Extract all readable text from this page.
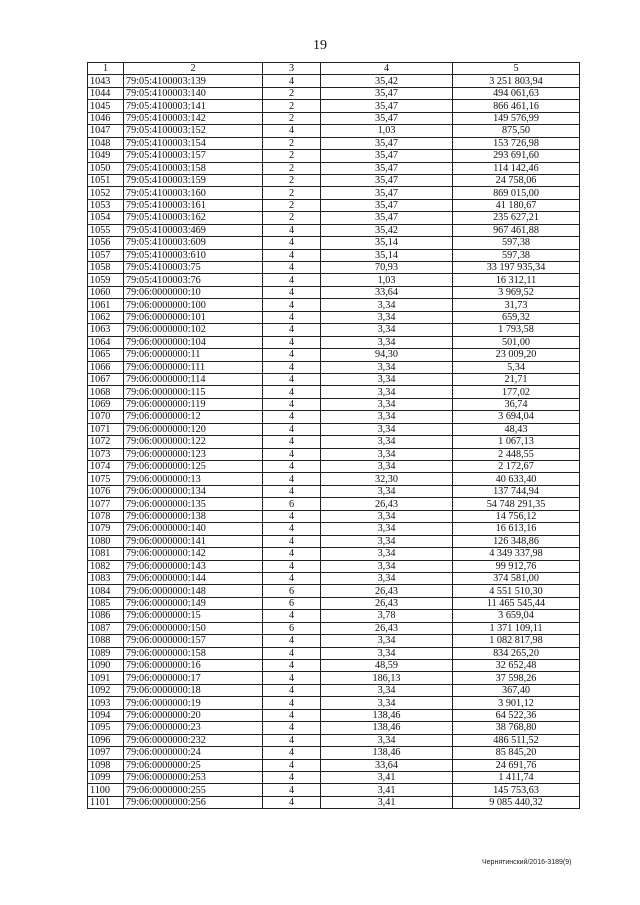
19
1	2	3	4	5
1043	79:05:4100003:139	4	35,42	3 251 803,94
1044	79:05:4100003:140	2	35,47	494 061,63
1045	79:05:4100003:141	2	35,47	866 461,16
1046	79:05:4100003:142	2	35,47	149 576,99
1047	79:05:4100003:152	4	1,03	875,50
1048	79:05:4100003:154	2	35,47	153 726,98
1049	79:05:4100003:157	2	35,47	293 691,60
1050	79:05:4100003:158	2	35,47	114 142,46
1051	79:05:4100003:159	2	35,47	24 758,06
1052	79:05:4100003:160	2	35,47	869 015,00
1053	79:05:4100003:161	2	35,47	41 180,67
1054	79:05:4100003:162	2	35,47	235 627,21
1055	79:05:4100003:469	4	35,42	967 461,88
1056	79:05:4100003:609	4	35,14	597,38
1057	79:05:4100003:610	4	35,14	597,38
1058	79:05:4100003:75	4	70,93	33 197 935,34
1059	79:05:4100003:76	4	1,03	16 312,11
1060	79:06:0000000:10	4	33,64	3 969,52
1061	79:06:0000000:100	4	3,34	31,73
1062	79:06:0000000:101	4	3,34	659,32
1063	79:06:0000000:102	4	3,34	1 793,58
1064	79:06:0000000:104	4	3,34	501,00
1065	79:06:0000000:11	4	94,30	23 009,20
1066	79:06:0000000:111	4	3,34	5,34
1067	79:06:0000000:114	4	3,34	21,71
1068	79:06:0000000:115	4	3,34	177,02
1069	79:06:0000000:119	4	3,34	36,74
1070	79:06:0000000:12	4	3,34	3 694,04
1071	79:06:0000000:120	4	3,34	48,43
1072	79:06:0000000:122	4	3,34	1 067,13
1073	79:06:0000000:123	4	3,34	2 448,55
1074	79:06:0000000:125	4	3,34	2 172,67
1075	79:06:0000000:13	4	32,30	40 633,40
1076	79:06:0000000:134	4	3,34	137 744,94
1077	79:06:0000000:135	6	26,43	54 748 291,35
1078	79:06:0000000:138	4	3,34	14 756,12
1079	79:06:0000000:140	4	3,34	16 613,16
1080	79:06:0000000:141	4	3,34	126 348,86
1081	79:06:0000000:142	4	3,34	4 349 337,98
1082	79:06:0000000:143	4	3,34	99 912,76
1083	79:06:0000000:144	4	3,34	374 581,00
1084	79:06:0000000:148	6	26,43	4 551 510,30
1085	79:06:0000000:149	6	26,43	11 465 545,44
1086	79:06:0000000:15	4	3,78	3 659,04
1087	79:06:0000000:150	6	26,43	1 371 109,11
1088	79:06:0000000:157	4	3,34	1 082 817,98
1089	79:06:0000000:158	4	3,34	834 265,20
1090	79:06:0000000:16	4	48,59	32 652,48
1091	79:06:0000000:17	4	186,13	37 598,26
1092	79:06:0000000:18	4	3,34	367,40
1093	79:06:0000000:19	4	3,34	3 901,12
1094	79:06:0000000:20	4	138,46	64 522,36
1095	79:06:0000000:23	4	138,46	38 768,80
1096	79:06:0000000:232	4	3,34	486 511,52
1097	79:06:0000000:24	4	138,46	85 845,20
1098	79:06:0000000:25	4	33,64	24 691,76
1099	79:06:0000000:253	4	3,41	1 411,74
1100	79:06:0000000:255	4	3,41	145 753,63
1101	79:06:0000000:256	4	3,41	9 085 440,32
Чернятинский/2016-3189(9)
